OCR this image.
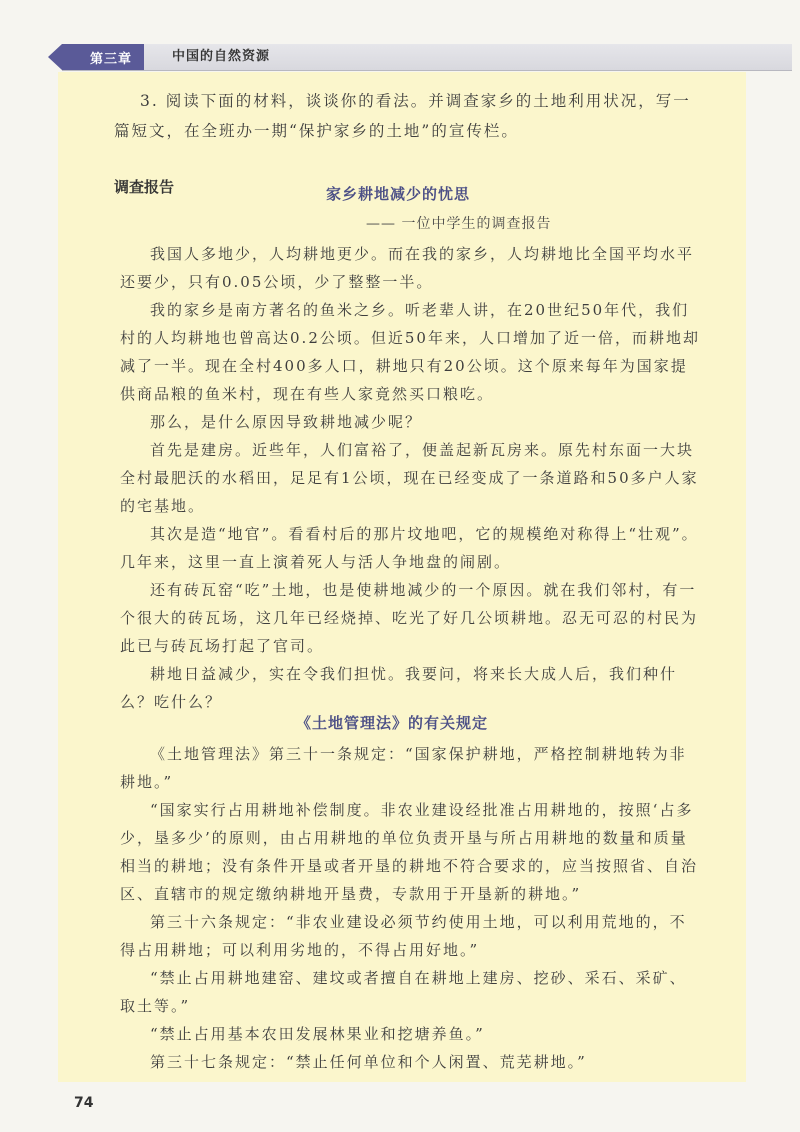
第三章	中国的自然资源
3. 阅读下面的材料，谈谈你的看法。并调查家乡的土地利用状况，写一篇短文，在全班办一期“保护家乡的土地”的宣传栏。
调查报告	家乡耕地减少的忧思
—— 一位中学生的调查报告

我国人多地少，人均耕地更少。而在我的家乡，人均耕地比全国平均水平还要少，只有0.05公顷，少了整整一半。

我的家乡是南方著名的鱼米之乡。听老辈人讲，在20世纪50年代，我们村的人均耕地也曾高达0.2公顷。但近50年来，人口增加了近一倍，而耕地却减了一半。现在全村400多人口，耕地只有20公顷。这个原来每年为国家提供商品粮的鱼米村，现在有些人家竟然买口粮吃。

那么，是什么原因导致耕地减少呢？

首先是建房。近些年，人们富裕了，便盖起新瓦房来。原先村东面一大块全村最肥沃的水稻田，足足有1公顷，现在已经变成了一条道路和50多户人家的宅基地。

其次是造“地官”。看看村后的那片坟地吧，它的规模绝对称得上“壮观”。几年来，这里一直上演着死人与活人争地盘的闹剧。

还有砖瓦窑“吃”土地，也是使耕地减少的一个原因。就在我们邻村，有一个很大的砖瓦场，这几年已经烧掉、吃光了好几公顷耕地。忍无可忍的村民为此已与砖瓦场打起了官司。

耕地日益减少，实在令我们担忧。我要问，将来长大成人后，我们种什么？吃什么？

《土地管理法》的有关规定

《土地管理法》第三十一条规定：“国家保护耕地，严格控制耕地转为非耕地。”

“国家实行占用耕地补偿制度。非农业建设经批准占用耕地的，按照‘占多少，垦多少’的原则，由占用耕地的单位负责开垦与所占用耕地的数量和质量相当的耕地；没有条件开垦或者开垦的耕地不符合要求的，应当按照省、自治区、直辖市的规定缴纳耕地开垦费，专款用于开垦新的耕地。”

第三十六条规定：“非农业建设必须节约使用土地，可以利用荒地的，不得占用耕地；可以利用劣地的，不得占用好地。”

“禁止占用耕地建窑、建坟或者擅自在耕地上建房、挖砂、采石、采矿、取土等。”

“禁止占用基本农田发展林果业和挖塘养鱼。”

第三十七条规定：“禁止任何单位和个人闲置、荒芜耕地。”

74
